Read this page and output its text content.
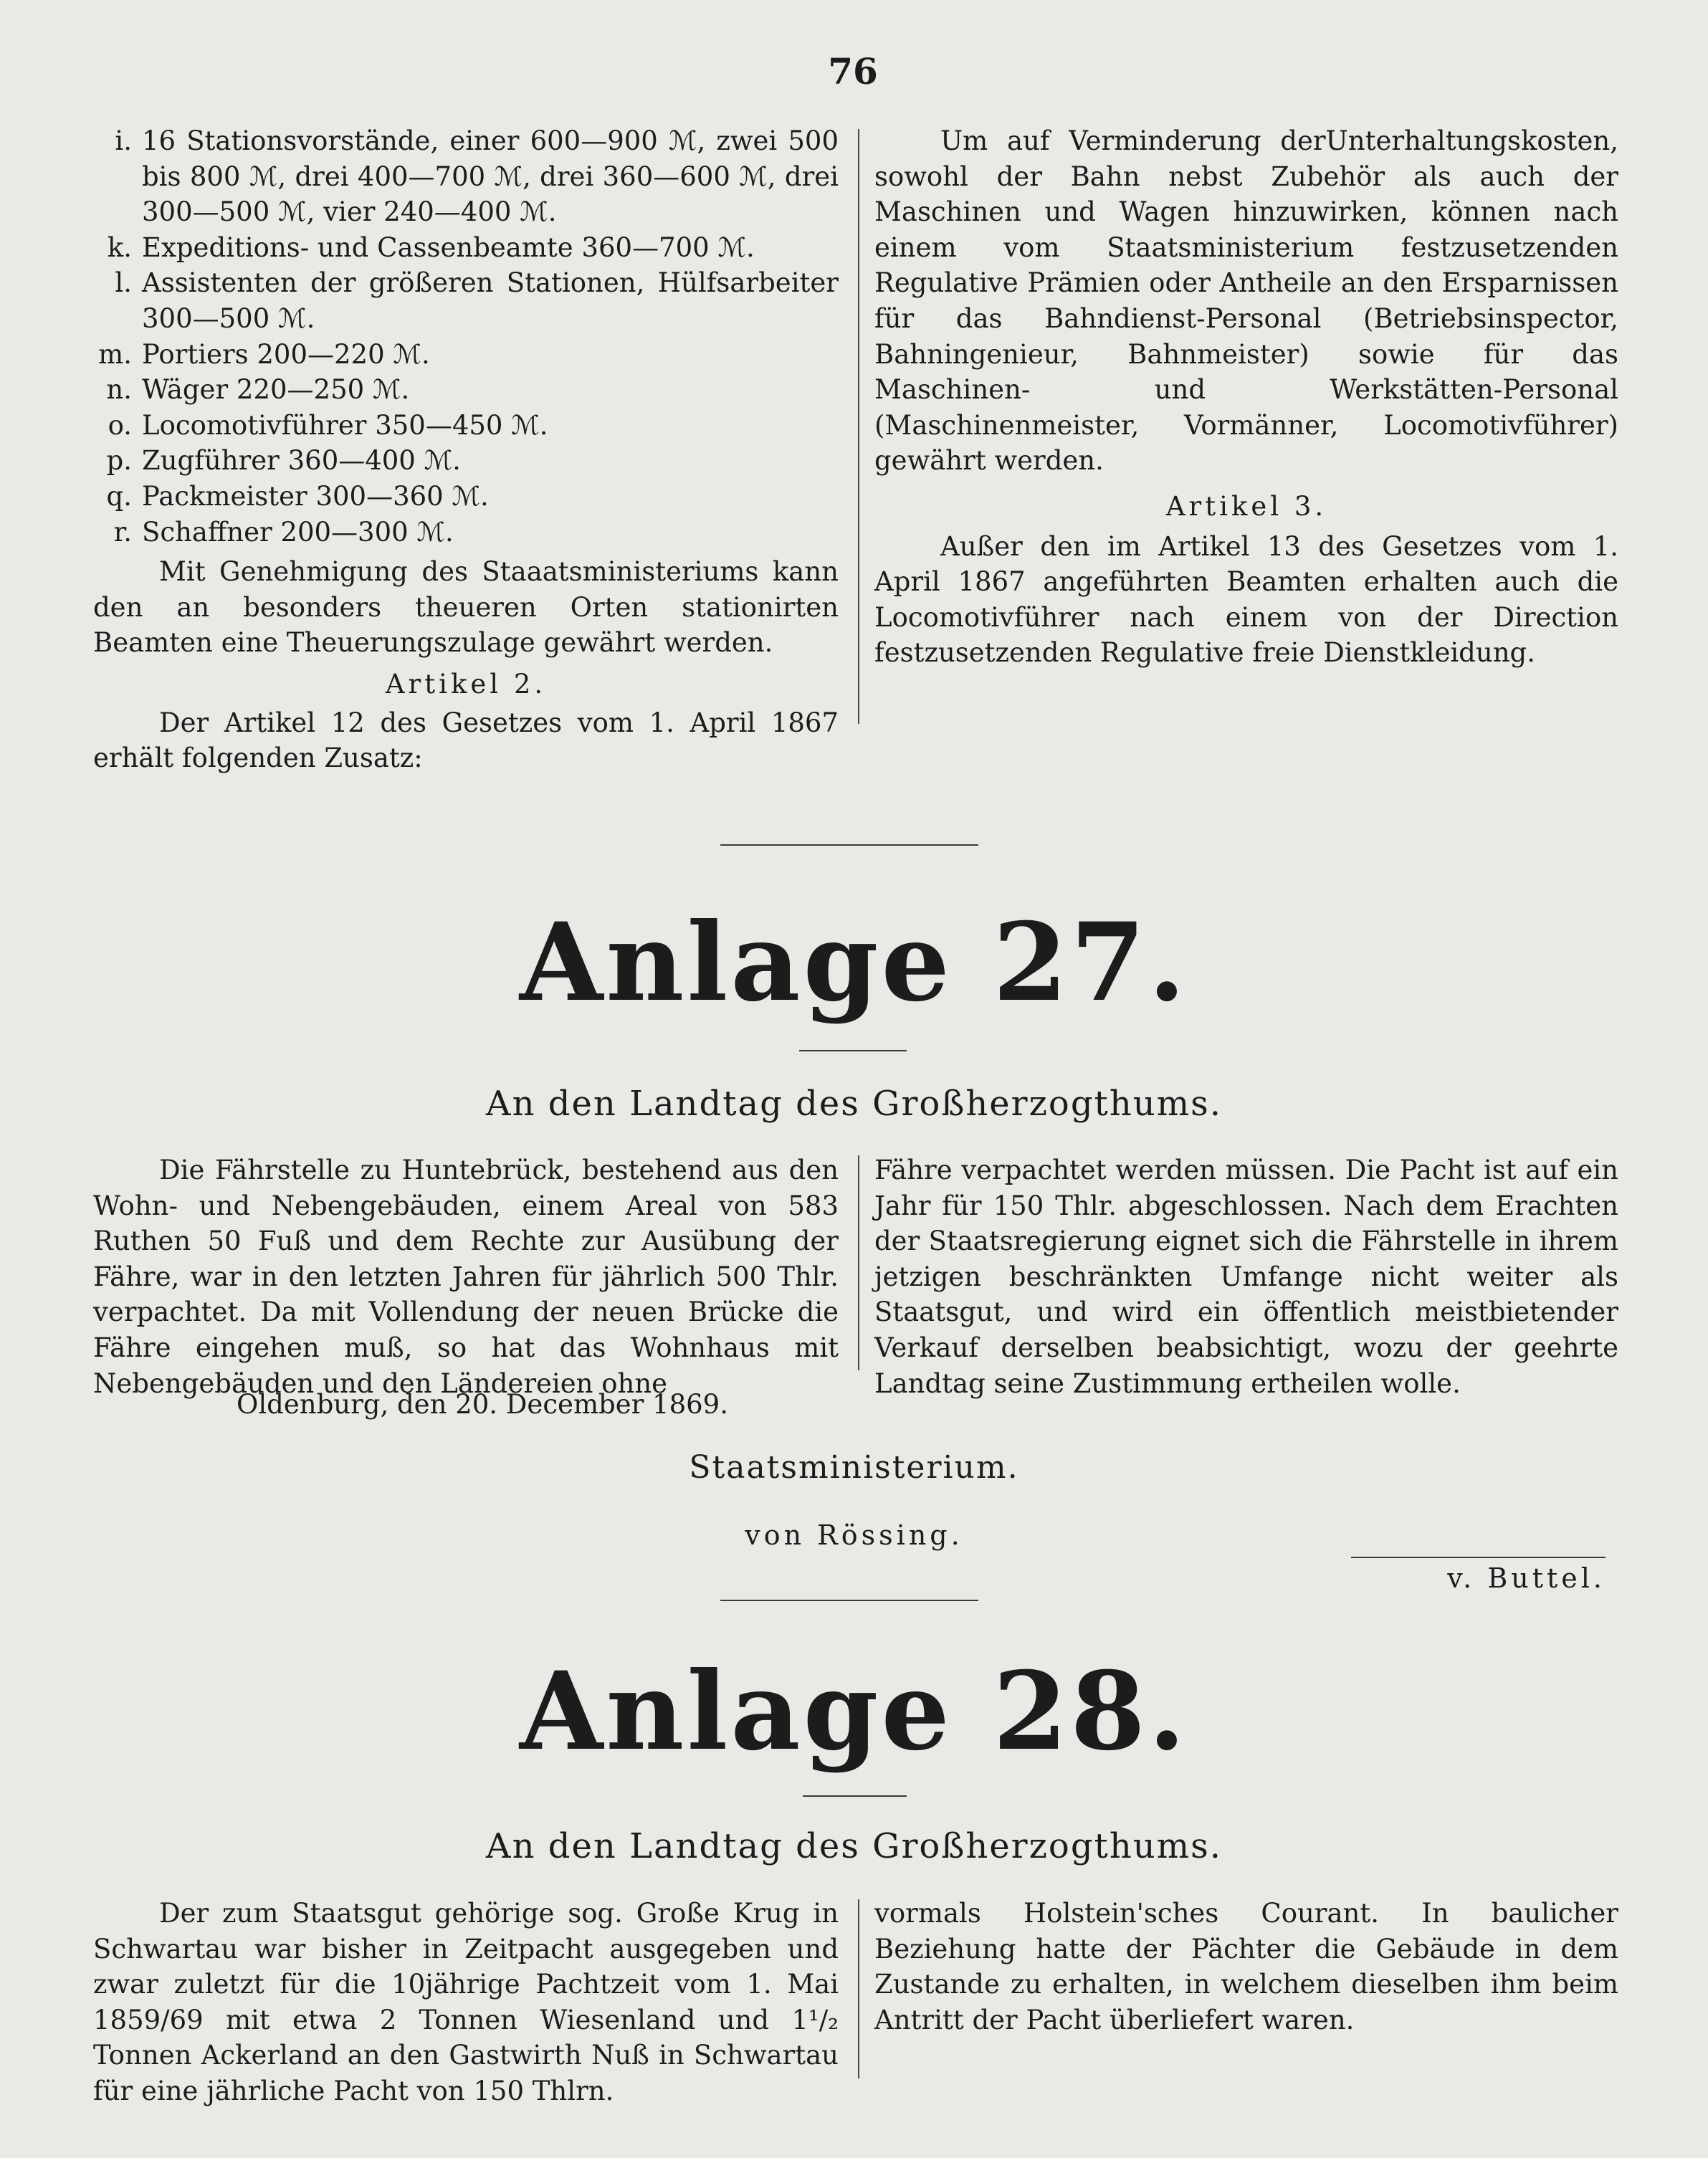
76
i. 16 Stationsvorstände, einer 600—900 ℳ, zwei 500 bis 800 ℳ, drei 400—700 ℳ, drei 360—600 ℳ, drei 300—500 ℳ, vier 240—400 ℳ.
k. Expeditions- und Cassenbeamte 360—700 ℳ.
l. Assistenten der größeren Stationen, Hülfsarbeiter 300—500 ℳ.
m. Portiers 200—220 ℳ.
n. Wäger 220—250 ℳ.
o. Locomotivführer 350—450 ℳ.
p. Zugführer 360—400 ℳ.
q. Packmeister 300—360 ℳ.
r. Schaffner 200—300 ℳ.

Mit Genehmigung des Staaatsministeriums kann den an besonders theueren Orten stationirten Beamten eine Theuerungszulage gewährt werden.

Artikel 2.

Der Artikel 12 des Gesetzes vom 1. April 1867 erhält folgenden Zusatz:

Um auf Verminderung derUnterhaltungskosten, sowohl der Bahn nebst Zubehör als auch der Maschinen und Wagen hinzuwirken, können nach einem vom Staatsministerium festzusetzenden Regulative Prämien oder Antheile an den Ersparnissen für das Bahndienst-Personal (Betriebsinspector, Bahningenieur, Bahnmeister) sowie für das Maschinen- und Werkstätten-Personal (Maschinenmeister, Vormänner, Locomotivführer) gewährt werden.

Artikel 3.

Außer den im Artikel 13 des Gesetzes vom 1. April 1867 angeführten Beamten erhalten auch die Locomotivführer nach einem von der Direction festzusetzenden Regulative freie Dienstkleidung.

Anlage 27.
An den Landtag des Großherzogthums.

Die Fährstelle zu Huntebrück, bestehend aus den Wohn- und Nebengebäuden, einem Areal von 583 Ruthen 50 Fuß und dem Rechte zur Ausübung der Fähre, war in den letzten Jahren für jährlich 500 Thlr. verpachtet. Da mit Vollendung der neuen Brücke die Fähre eingehen muß, so hat das Wohnhaus mit Nebengebäuden und den Ländereien ohne

Fähre verpachtet werden müssen. Die Pacht ist auf ein Jahr für 150 Thlr. abgeschlossen. Nach dem Erachten der Staatsregierung eignet sich die Fährstelle in ihrem jetzigen beschränkten Umfange nicht weiter als Staatsgut, und wird ein öffentlich meistbietender Verkauf derselben beabsichtigt, wozu der geehrte Landtag seine Zustimmung ertheilen wolle.

Oldenburg, den 20. December 1869.
Staatsministerium.
von Rössing.
v. Buttel.
Anlage 28.
An den Landtag des Großherzogthums.

Der zum Staatsgut gehörige sog. Große Krug in Schwartau war bisher in Zeitpacht ausgegeben und zwar zuletzt für die 10jährige Pachtzeit vom 1. Mai 1859/69 mit etwa 2 Tonnen Wiesenland und 1¹/₂ Tonnen Ackerland an den Gastwirth Nuß in Schwartau für eine jährliche Pacht von 150 Thlrn.

vormals Holstein'sches Courant. In baulicher Beziehung hatte der Pächter die Gebäude in dem Zustande zu erhalten, in welchem dieselben ihm beim Antritt der Pacht überliefert waren.
